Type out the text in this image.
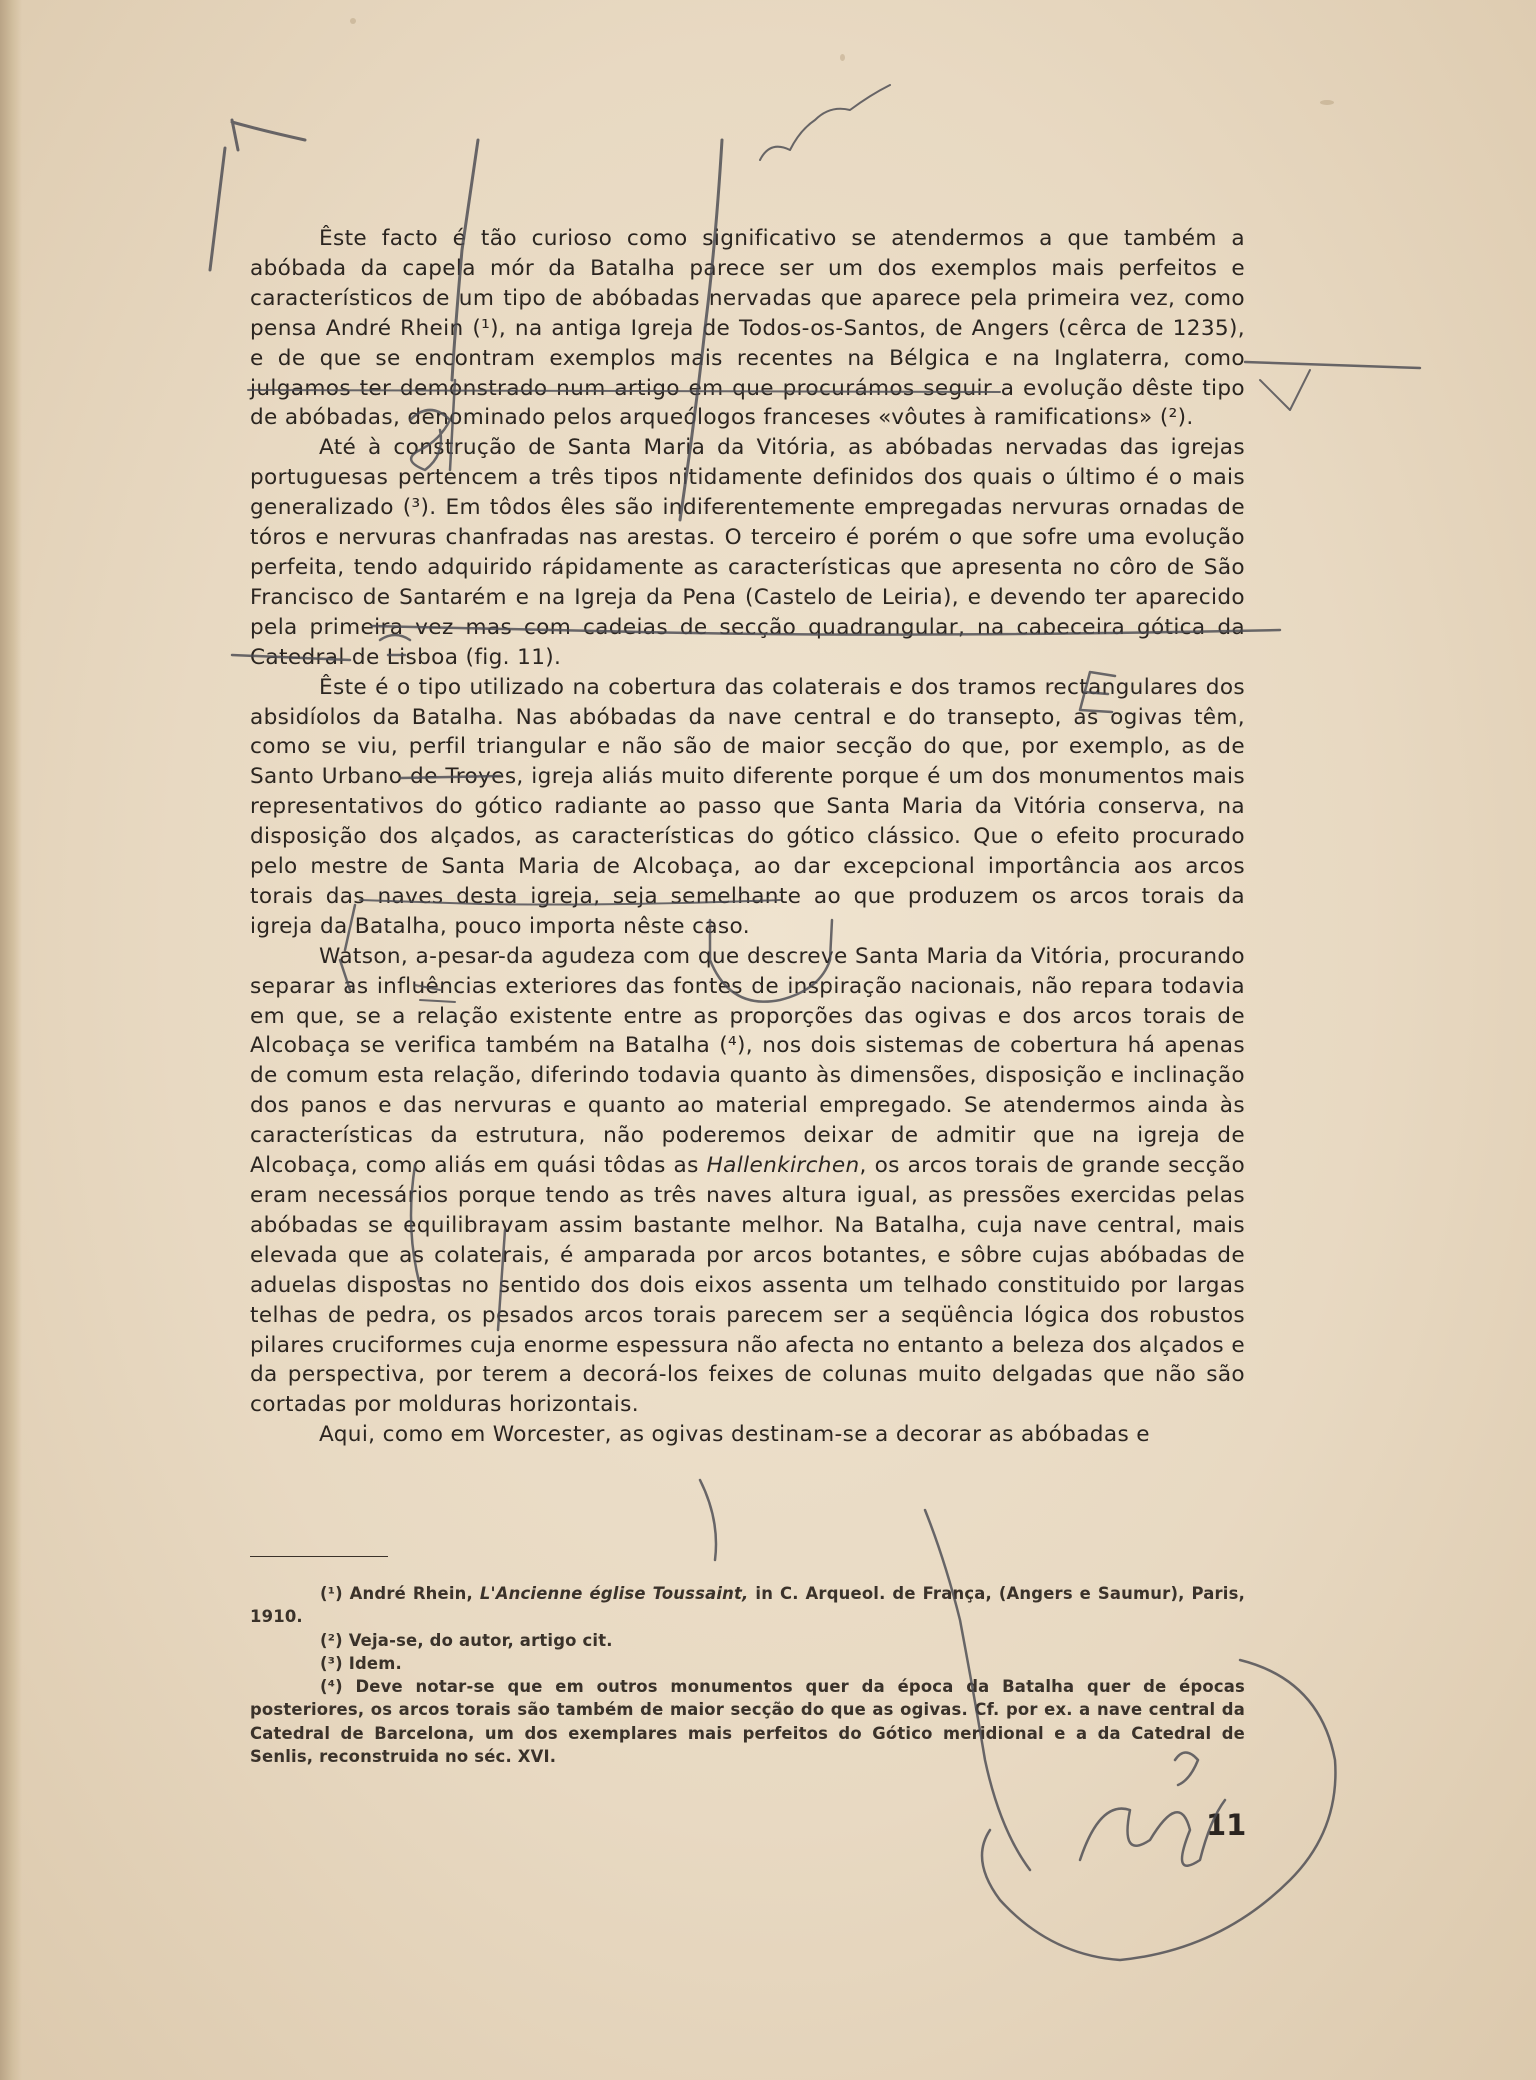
Êste facto é tão curioso como significativo se atendermos a que também a abóbada da capela mór da Batalha parece ser um dos exemplos mais perfeitos e característicos de um tipo de abóbadas nervadas que aparece pela primeira vez, como pensa André Rhein (¹), na antiga Igreja de Todos-os-Santos, de Angers (cêrca de 1235), e de que se encontram exemplos mais recentes na Bélgica e na Inglaterra, como julgamos ter demonstrado num artigo em que procurámos seguir a evolução dêste tipo de abóbadas, denominado pelos arqueólogos franceses «vôutes à ramifications» (²).

Até à construção de Santa Maria da Vitória, as abóbadas nervadas das igrejas portuguesas pertencem a três tipos nitidamente definidos dos quais o último é o mais generalizado (³). Em tôdos êles são indiferentemente empregadas nervuras ornadas de tóros e nervuras chanfradas nas arestas. O terceiro é porém o que sofre uma evolução perfeita, tendo adquirido rápidamente as características que apresenta no côro de São Francisco de Santarém e na Igreja da Pena (Castelo de Leiria), e devendo ter aparecido pela primeira vez mas com cadeias de secção quadrangular, na cabeceira gótica da Catedral de Lisboa (fig. 11).

Êste é o tipo utilizado na cobertura das colaterais e dos tramos rectangulares dos absidíolos da Batalha. Nas abóbadas da nave central e do transepto, as ogivas têm, como se viu, perfil triangular e não são de maior secção do que, por exemplo, as de Santo Urbano de Troyes, igreja aliás muito diferente porque é um dos monumentos mais representativos do gótico radiante ao passo que Santa Maria da Vitória conserva, na disposição dos alçados, as características do gótico clássico. Que o efeito procurado pelo mestre de Santa Maria de Alcobaça, ao dar excepcional importância aos arcos torais das naves desta igreja, seja semelhante ao que produzem os arcos torais da igreja da Batalha, pouco importa nêste caso.

Watson, a-pesar-da agudeza com que descreve Santa Maria da Vitória, procurando separar as influências exteriores das fontes de inspiração nacionais, não repara todavia em que, se a relação existente entre as proporções das ogivas e dos arcos torais de Alcobaça se verifica também na Batalha (⁴), nos dois sistemas de cobertura há apenas de comum esta relação, diferindo todavia quanto às dimensões, disposição e inclinação dos panos e das nervuras e quanto ao material empregado. Se atendermos ainda às características da estrutura, não poderemos deixar de admitir que na igreja de Alcobaça, como aliás em quási tôdas as Hallenkirchen, os arcos torais de grande secção eram necessários porque tendo as três naves altura igual, as pressões exercidas pelas abóbadas se equilibravam assim bastante melhor. Na Batalha, cuja nave central, mais elevada que as colaterais, é amparada por arcos botantes, e sôbre cujas abóbadas de aduelas dispostas no sentido dos dois eixos assenta um telhado constituido por largas telhas de pedra, os pesados arcos torais parecem ser a seqüência lógica dos robustos pilares cruciformes cuja enorme espessura não afecta no entanto a beleza dos alçados e da perspectiva, por terem a decorá-los feixes de colunas muito delgadas que não são cortadas por molduras horizontais.

Aqui, como em Worcester, as ogivas destinam-se a decorar as abóbadas e

(¹) André Rhein, L'Ancienne église Toussaint, in C. Arqueol. de França, (Angers e Saumur), Paris, 1910.

(²) Veja-se, do autor, artigo cit.

(³) Idem.

(⁴) Deve notar-se que em outros monumentos quer da época da Batalha quer de épocas posteriores, os arcos torais são também de maior secção do que as ogivas. Cf. por ex. a nave central da Catedral de Barcelona, um dos exemplares mais perfeitos do Gótico meridional e a da Catedral de Senlis, reconstruida no séc. XVI.

11
